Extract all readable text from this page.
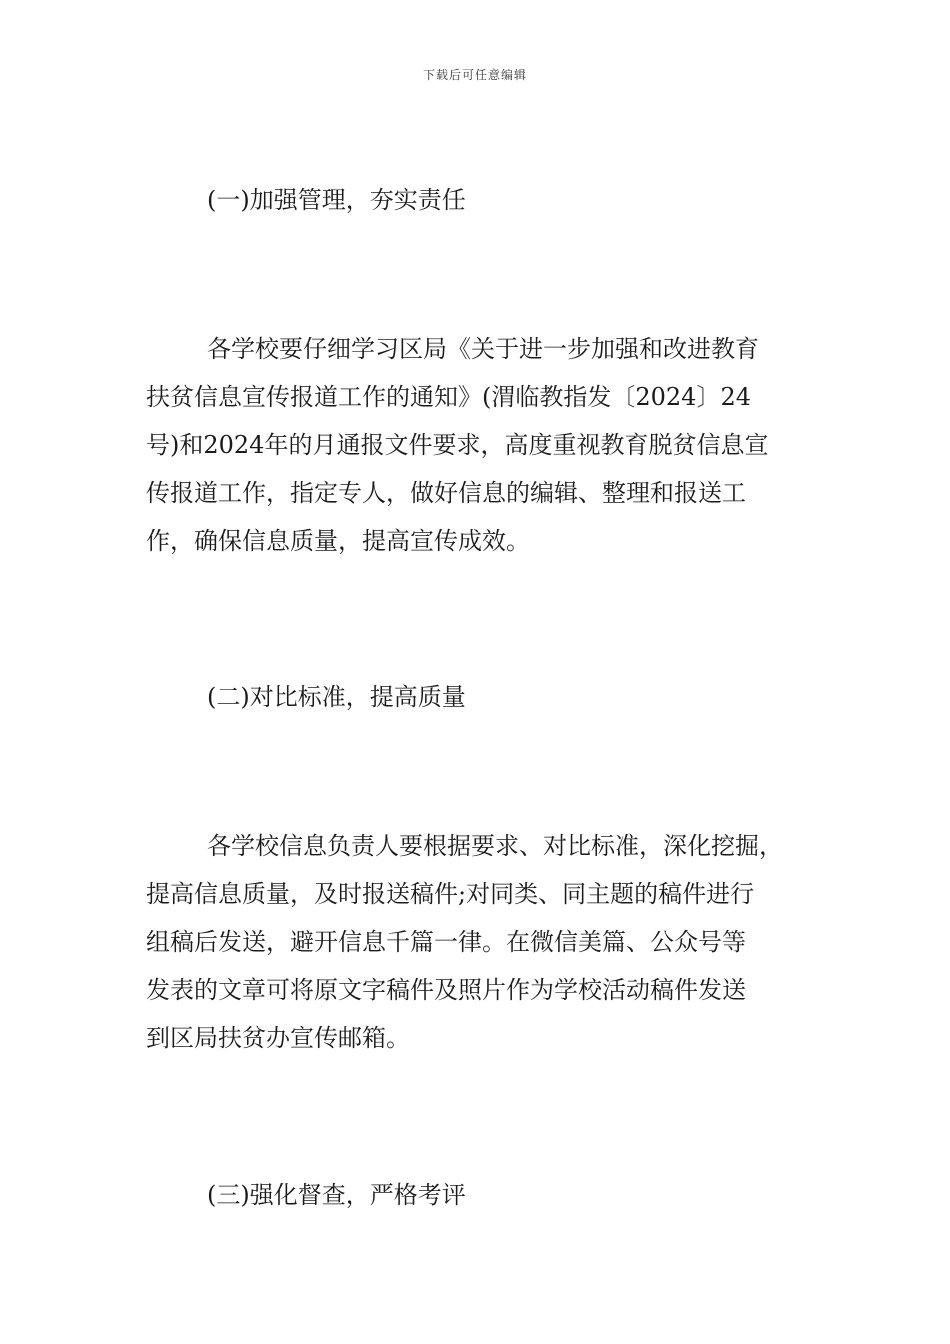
下载后可任意编辑
(一)加强管理，夯实责任
各学校要仔细学习区局《关于进一步加强和改进教育
扶贫信息宣传报道工作的通知》(渭临教指发〔2024〕24
号)和2024年的月通报文件要求，高度重视教育脱贫信息宣
传报道工作，指定专人，做好信息的编辑、整理和报送工
作，确保信息质量，提高宣传成效。
(二)对比标准，提高质量
各学校信息负责人要根据要求、对比标准，深化挖掘，
提高信息质量，及时报送稿件;对同类、同主题的稿件进行
组稿后发送，避开信息千篇一律。在微信美篇、公众号等
发表的文章可将原文字稿件及照片作为学校活动稿件发送
到区局扶贫办宣传邮箱。
(三)强化督查，严格考评
